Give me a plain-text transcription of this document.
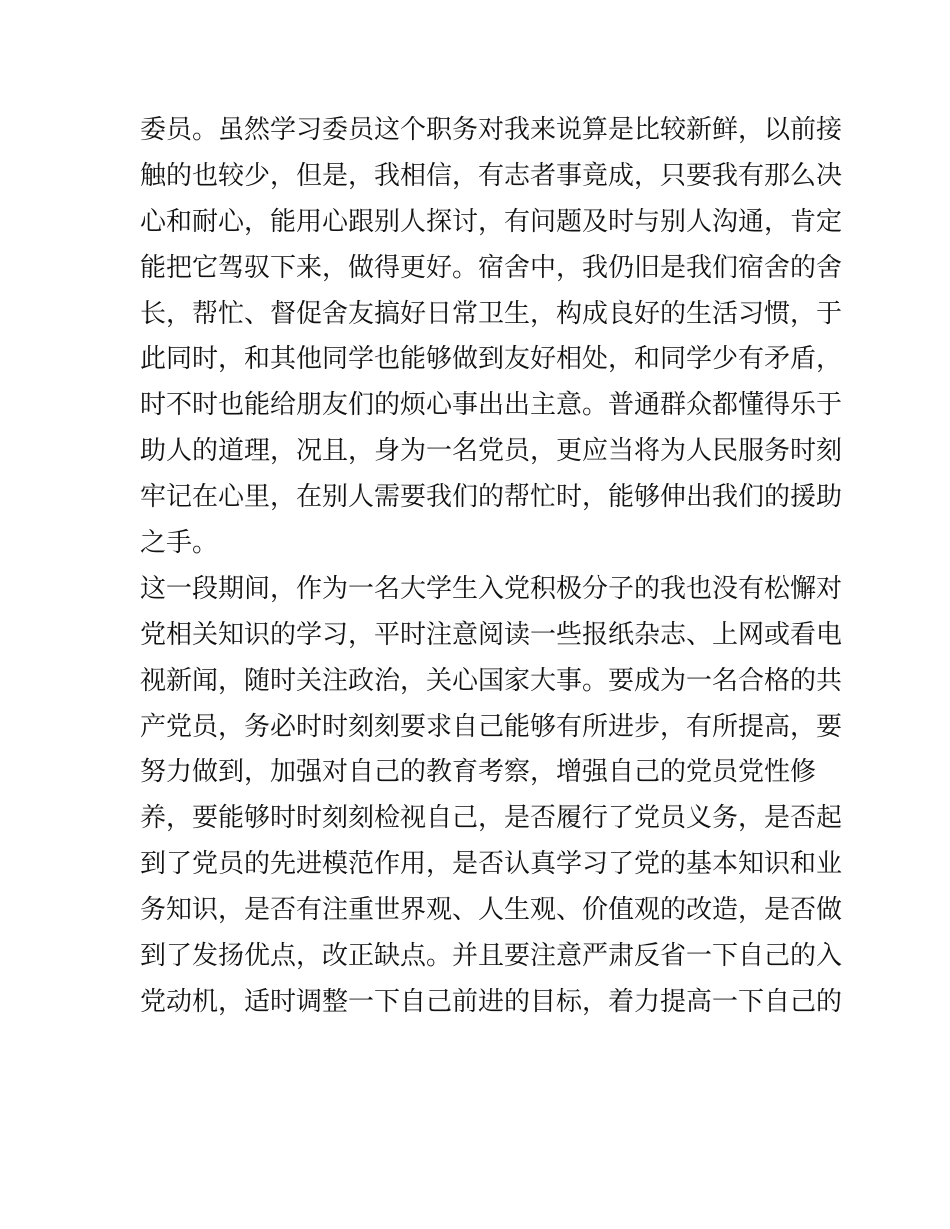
委员。虽然学习委员这个职务对我来说算是比较新鲜，以前接
触的也较少，但是，我相信，有志者事竟成，只要我有那么决
心和耐心，能用心跟别人探讨，有问题及时与别人沟通，肯定
能把它驾驭下来，做得更好。宿舍中，我仍旧是我们宿舍的舍
长，帮忙、督促舍友搞好日常卫生，构成良好的生活习惯，于
此同时，和其他同学也能够做到友好相处，和同学少有矛盾，
时不时也能给朋友们的烦心事出出主意。普通群众都懂得乐于
助人的道理，况且，身为一名党员，更应当将为人民服务时刻
牢记在心里，在别人需要我们的帮忙时，能够伸出我们的援助
之手。
这一段期间，作为一名大学生入党积极分子的我也没有松懈对
党相关知识的学习，平时注意阅读一些报纸杂志、上网或看电
视新闻，随时关注政治，关心国家大事。要成为一名合格的共
产党员，务必时时刻刻要求自己能够有所进步，有所提高，要
努力做到，加强对自己的教育考察，增强自己的党员党性修
养，要能够时时刻刻检视自己，是否履行了党员义务，是否起
到了党员的先进模范作用，是否认真学习了党的基本知识和业
务知识，是否有注重世界观、人生观、价值观的改造，是否做
到了发扬优点，改正缺点。并且要注意严肃反省一下自己的入
党动机，适时调整一下自己前进的目标，着力提高一下自己的
